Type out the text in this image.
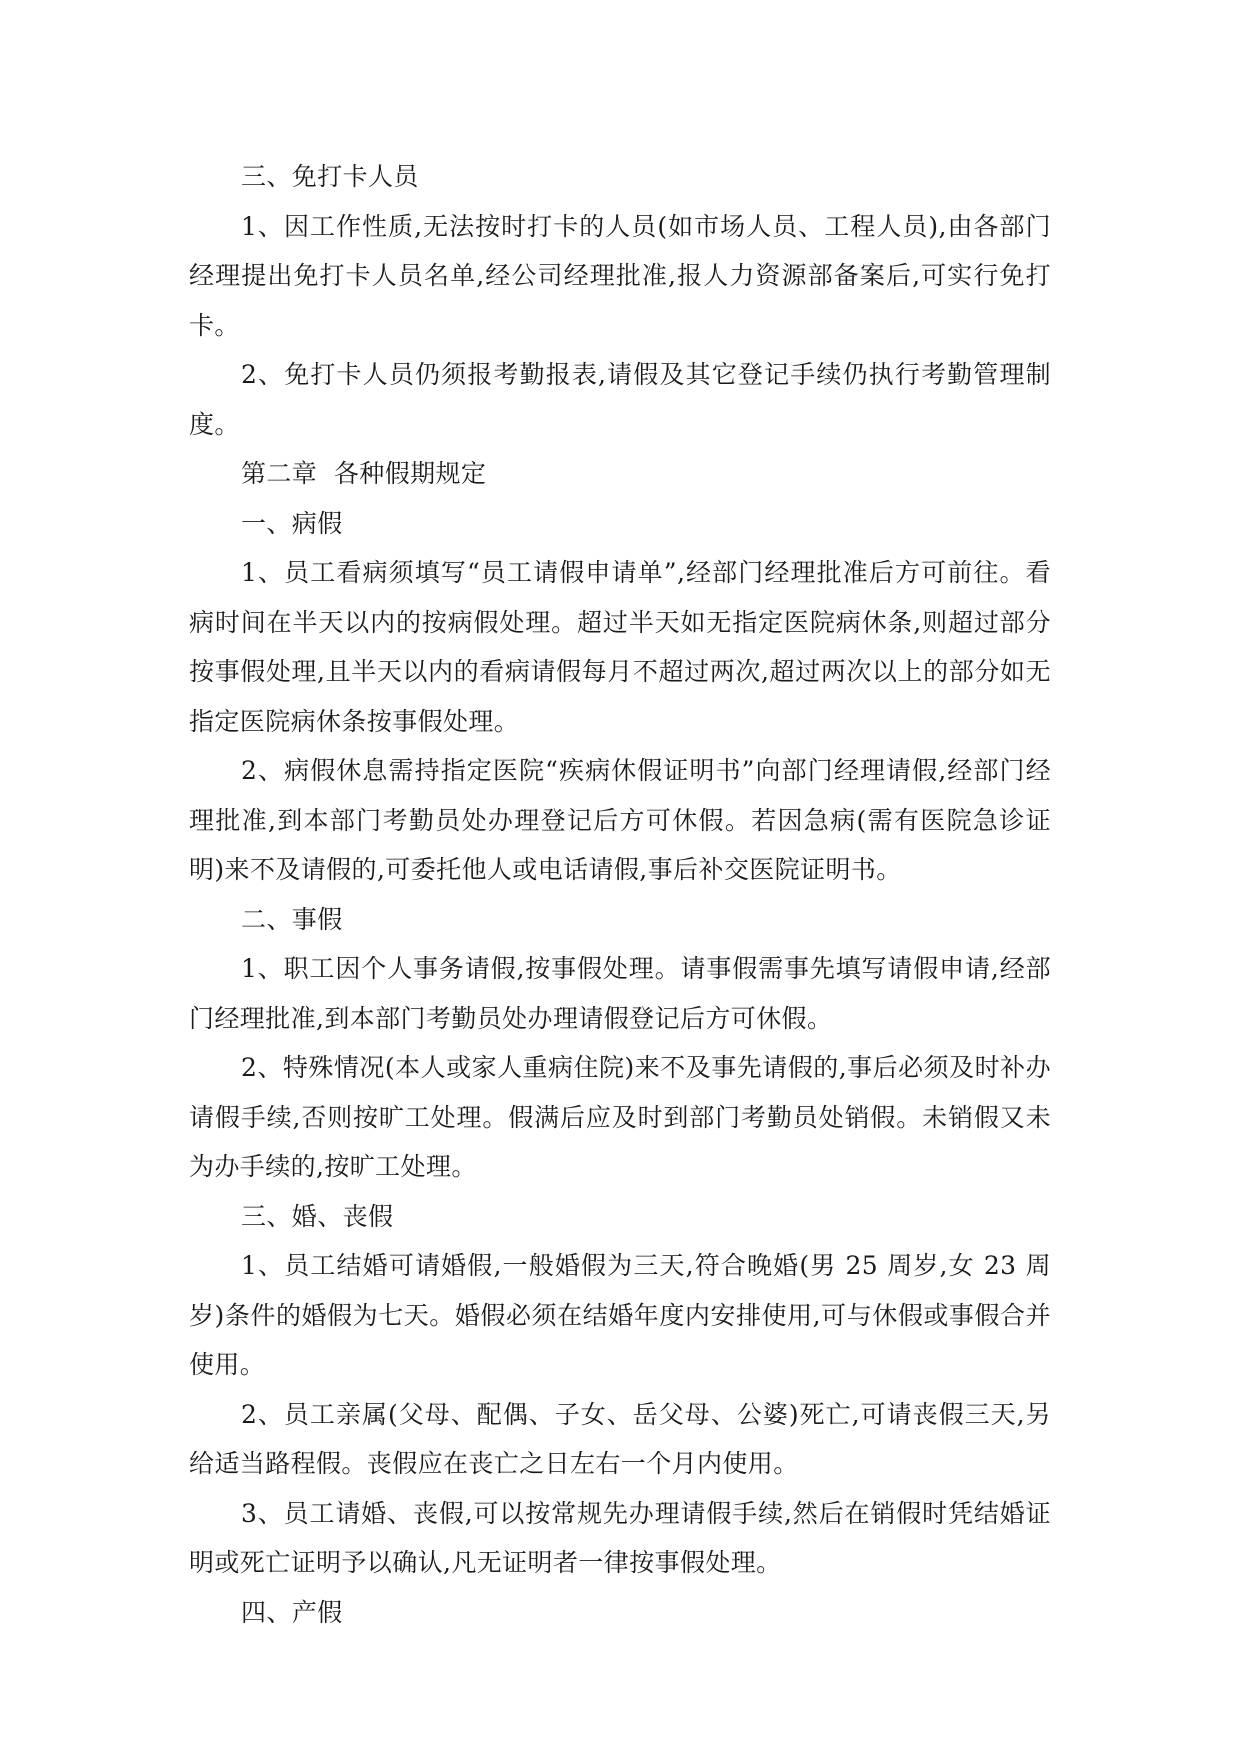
三、免打卡人员

1、因工作性质,无法按时打卡的人员(如市场人员、工程人员),由各部门经理提出免打卡人员名单,经公司经理批准,报人力资源部备案后,可实行免打卡。

2、免打卡人员仍须报考勤报表,请假及其它登记手续仍执行考勤管理制度。

第二章  各种假期规定

一、病假

1、员工看病须填写“员工请假申请单”,经部门经理批准后方可前往。看病时间在半天以内的按病假处理。超过半天如无指定医院病休条,则超过部分按事假处理,且半天以内的看病请假每月不超过两次,超过两次以上的部分如无指定医院病休条按事假处理。

2、病假休息需持指定医院“疾病休假证明书”向部门经理请假,经部门经理批准,到本部门考勤员处办理登记后方可休假。若因急病(需有医院急诊证明)来不及请假的,可委托他人或电话请假,事后补交医院证明书。

二、事假

1、职工因个人事务请假,按事假处理。请事假需事先填写请假申请,经部门经理批准,到本部门考勤员处办理请假登记后方可休假。

2、特殊情况(本人或家人重病住院)来不及事先请假的,事后必须及时补办请假手续,否则按旷工处理。假满后应及时到部门考勤员处销假。未销假又未为办手续的,按旷工处理。

三、婚、丧假

1、员工结婚可请婚假,一般婚假为三天,符合晚婚(男 25 周岁,女 23 周岁)条件的婚假为七天。婚假必须在结婚年度内安排使用,可与休假或事假合并使用。

2、员工亲属(父母、配偶、子女、岳父母、公婆)死亡,可请丧假三天,另给适当路程假。丧假应在丧亡之日左右一个月内使用。

3、员工请婚、丧假,可以按常规先办理请假手续,然后在销假时凭结婚证明或死亡证明予以确认,凡无证明者一律按事假处理。

四、产假
